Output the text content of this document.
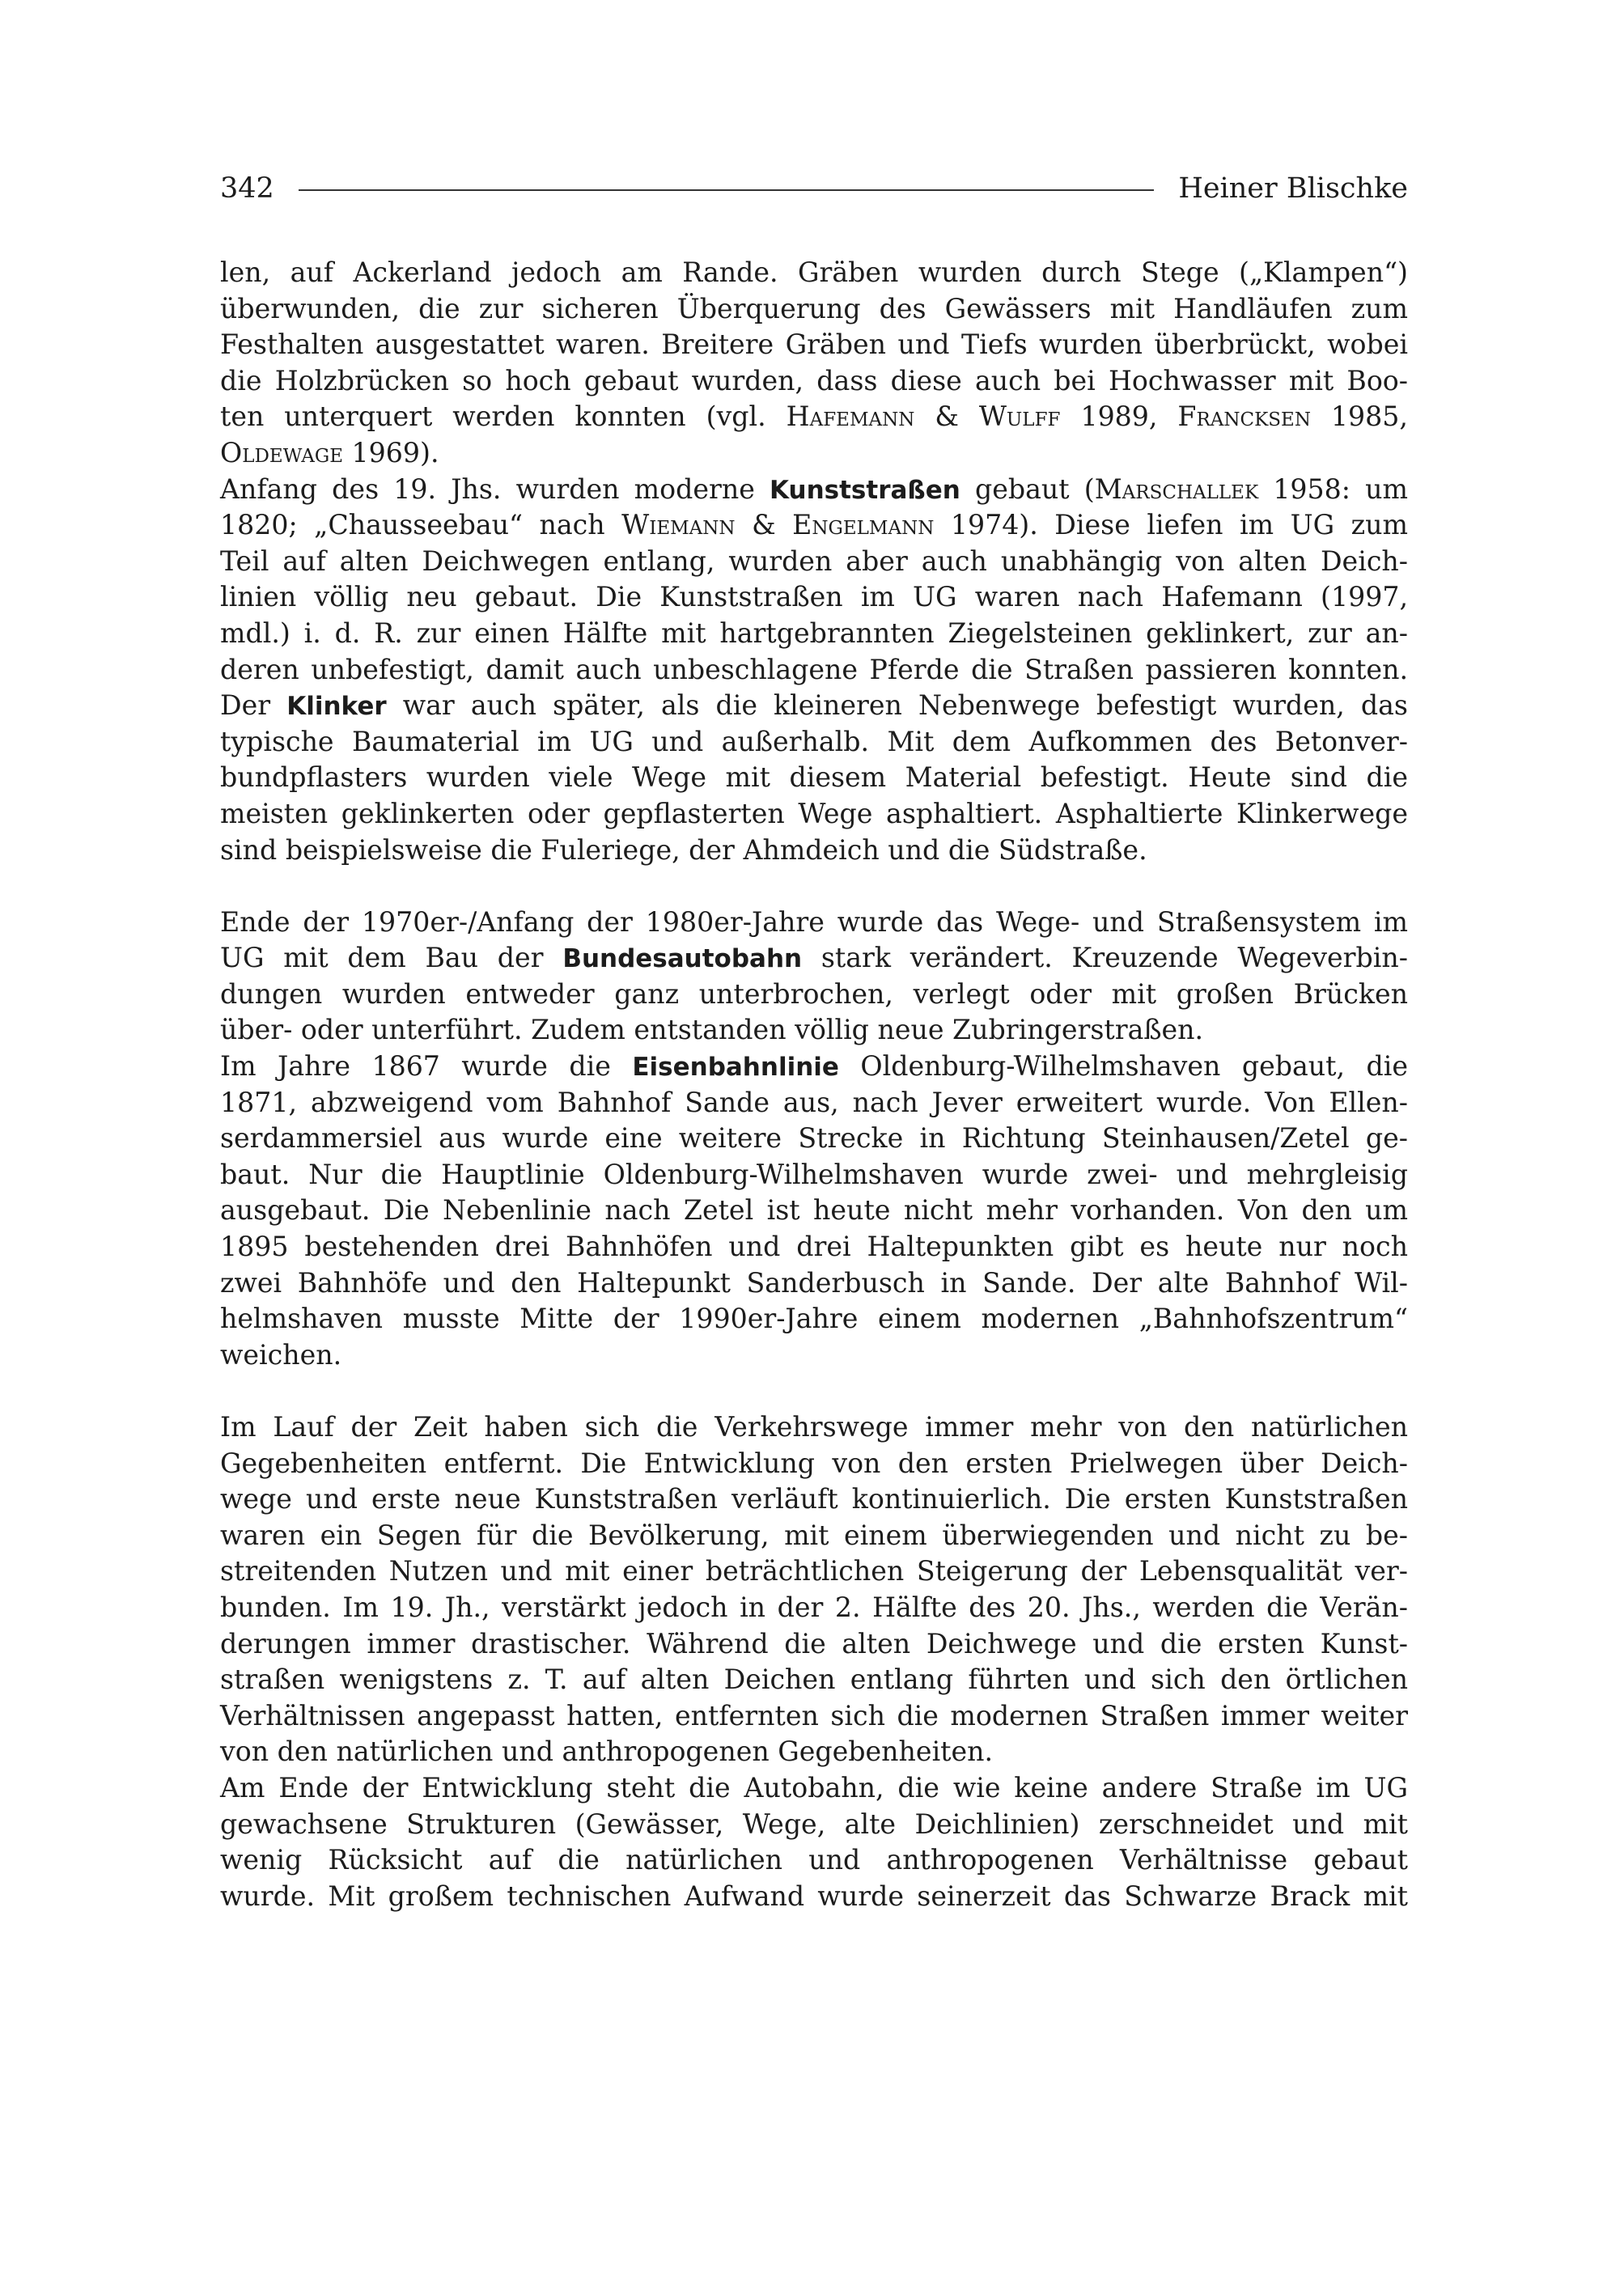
342	Heiner Blischke
len, auf Ackerland jedoch am Rande. Gräben wurden durch Stege („Klampen“)
überwunden, die zur sicheren Überquerung des Gewässers mit Handläufen zum
Festhalten ausgestattet waren. Breitere Gräben und Tiefs wurden überbrückt, wobei
die Holzbrücken so hoch gebaut wurden, dass diese auch bei Hochwasser mit Boo-
ten unterquert werden konnten (vgl. Hafemann & Wulff 1989, Francksen 1985,
Oldewage 1969).
Anfang des 19. Jhs. wurden moderne Kunststraßen gebaut (Marschallek 1958: um
1820; „Chausseebau“ nach Wiemann & Engelmann 1974). Diese liefen im UG zum
Teil auf alten Deichwegen entlang, wurden aber auch unabhängig von alten Deich-
linien völlig neu gebaut. Die Kunststraßen im UG waren nach Hafemann (1997,
mdl.) i. d. R. zur einen Hälfte mit hartgebrannten Ziegelsteinen geklinkert, zur an-
deren unbefestigt, damit auch unbeschlagene Pferde die Straßen passieren konnten.
Der Klinker war auch später, als die kleineren Nebenwege befestigt wurden, das
typische Baumaterial im UG und außerhalb. Mit dem Aufkommen des Betonver-
bundpflasters wurden viele Wege mit diesem Material befestigt. Heute sind die
meisten geklinkerten oder gepflasterten Wege asphaltiert. Asphaltierte Klinkerwege
sind beispielsweise die Fuleriege, der Ahmdeich und die Südstraße.
Ende der 1970er-/Anfang der 1980er-Jahre wurde das Wege- und Straßensystem im
UG mit dem Bau der Bundesautobahn stark verändert. Kreuzende Wegeverbin-
dungen wurden entweder ganz unterbrochen, verlegt oder mit großen Brücken
über- oder unterführt. Zudem entstanden völlig neue Zubringerstraßen.
Im Jahre 1867 wurde die Eisenbahnlinie Oldenburg-Wilhelmshaven gebaut, die
1871, abzweigend vom Bahnhof Sande aus, nach Jever erweitert wurde. Von Ellen-
serdammersiel aus wurde eine weitere Strecke in Richtung Steinhausen/Zetel ge-
baut. Nur die Hauptlinie Oldenburg-Wilhelmshaven wurde zwei- und mehrgleisig
ausgebaut. Die Nebenlinie nach Zetel ist heute nicht mehr vorhanden. Von den um
1895 bestehenden drei Bahnhöfen und drei Haltepunkten gibt es heute nur noch
zwei Bahnhöfe und den Haltepunkt Sanderbusch in Sande. Der alte Bahnhof Wil-
helmshaven musste Mitte der 1990er-Jahre einem modernen „Bahnhofszentrum“
weichen.
Im Lauf der Zeit haben sich die Verkehrswege immer mehr von den natürlichen
Gegebenheiten entfernt. Die Entwicklung von den ersten Prielwegen über Deich-
wege und erste neue Kunststraßen verläuft kontinuierlich. Die ersten Kunststraßen
waren ein Segen für die Bevölkerung, mit einem überwiegenden und nicht zu be-
streitenden Nutzen und mit einer beträchtlichen Steigerung der Lebensqualität ver-
bunden. Im 19. Jh., verstärkt jedoch in der 2. Hälfte des 20. Jhs., werden die Verän-
derungen immer drastischer. Während die alten Deichwege und die ersten Kunst-
straßen wenigstens z. T. auf alten Deichen entlang führten und sich den örtlichen
Verhältnissen angepasst hatten, entfernten sich die modernen Straßen immer weiter
von den natürlichen und anthropogenen Gegebenheiten.
Am Ende der Entwicklung steht die Autobahn, die wie keine andere Straße im UG
gewachsene Strukturen (Gewässer, Wege, alte Deichlinien) zerschneidet und mit
wenig Rücksicht auf die natürlichen und anthropogenen Verhältnisse gebaut
wurde. Mit großem technischen Aufwand wurde seinerzeit das Schwarze Brack mit
